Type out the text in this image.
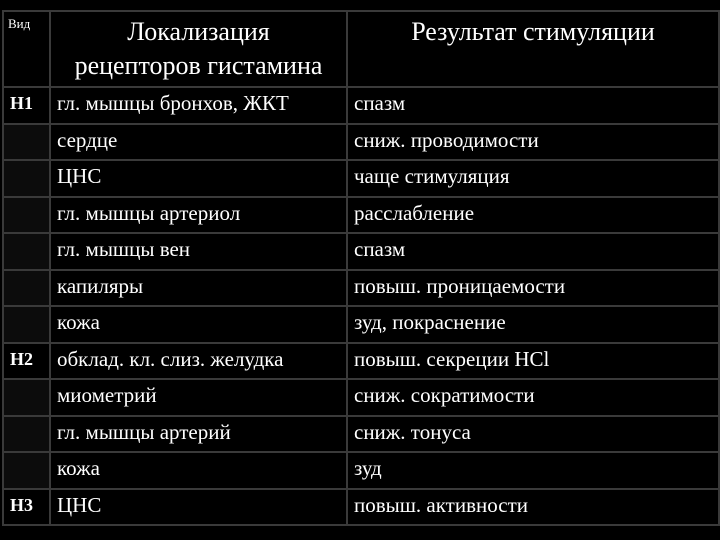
Вид	Локализация рецепторов гистамина	Результат стимуляции
H1	гл. мышцы бронхов, ЖКТ	спазм
	сердце	сниж. проводимости
	ЦНС	чаще стимуляция
	гл. мышцы артериол	расслабление
	гл. мышцы вен	спазм
	капиляры	повыш. проницаемости
	кожа	зуд, покраснение
H2	обклад. кл. слиз. желудка	повыш. секреции HCl
	миометрий	сниж. сократимости
	гл. мышцы артерий	сниж. тонуса
	кожа	зуд
H3	ЦНС	повыш. активности
